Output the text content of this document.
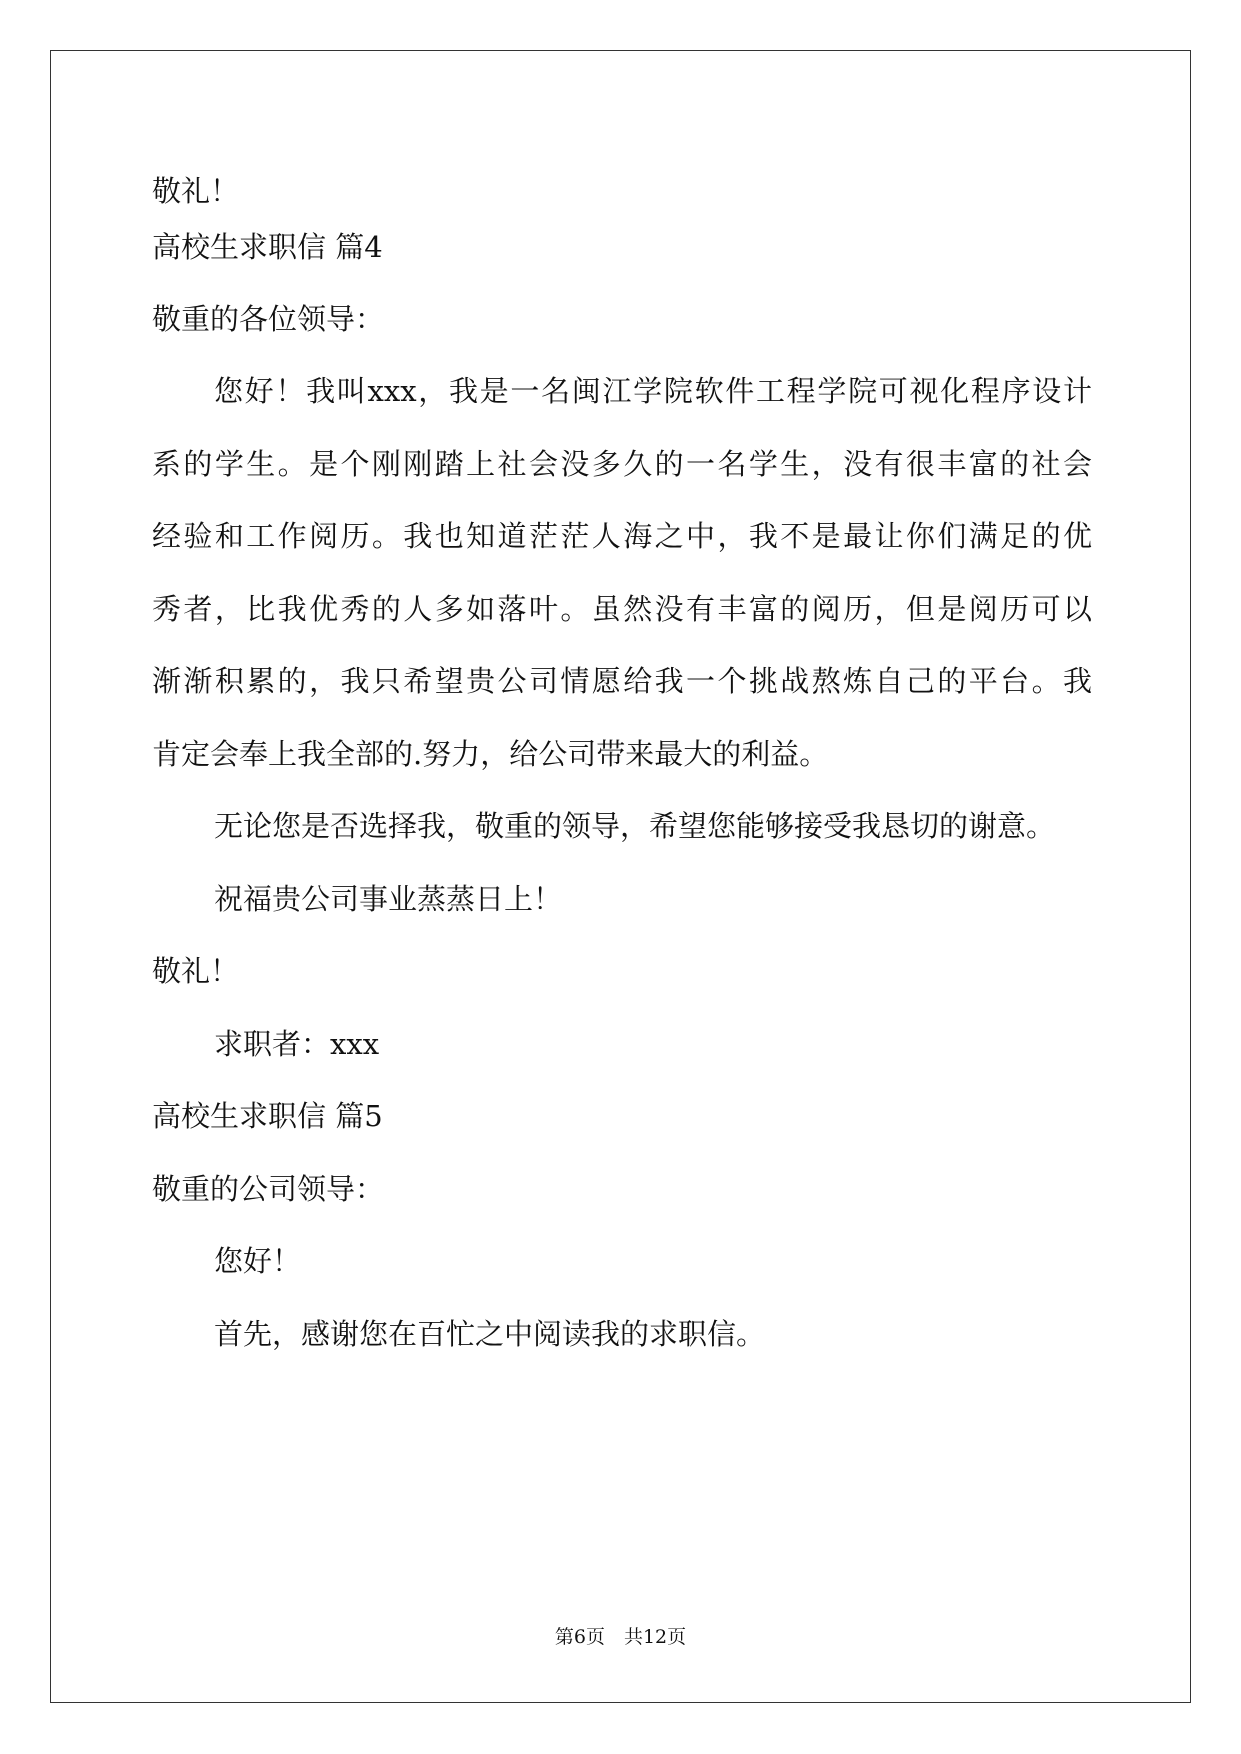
敬礼！
高校生求职信 篇4
敬重的各位领导：
您好！我叫xxx，我是一名闽江学院软件工程学院可视化程序设计
系的学生。是个刚刚踏上社会没多久的一名学生，没有很丰富的社会
经验和工作阅历。我也知道茫茫人海之中，我不是最让你们满足的优
秀者，比我优秀的人多如落叶。虽然没有丰富的阅历，但是阅历可以
渐渐积累的，我只希望贵公司情愿给我一个挑战熬炼自己的平台。我
肯定会奉上我全部的.努力，给公司带来最大的利益。
无论您是否选择我，敬重的领导，希望您能够接受我恳切的谢意。
祝福贵公司事业蒸蒸日上！
敬礼！
求职者：xxx
高校生求职信 篇5
敬重的公司领导：
您好！
首先，感谢您在百忙之中阅读我的求职信。
第6页　共12页
